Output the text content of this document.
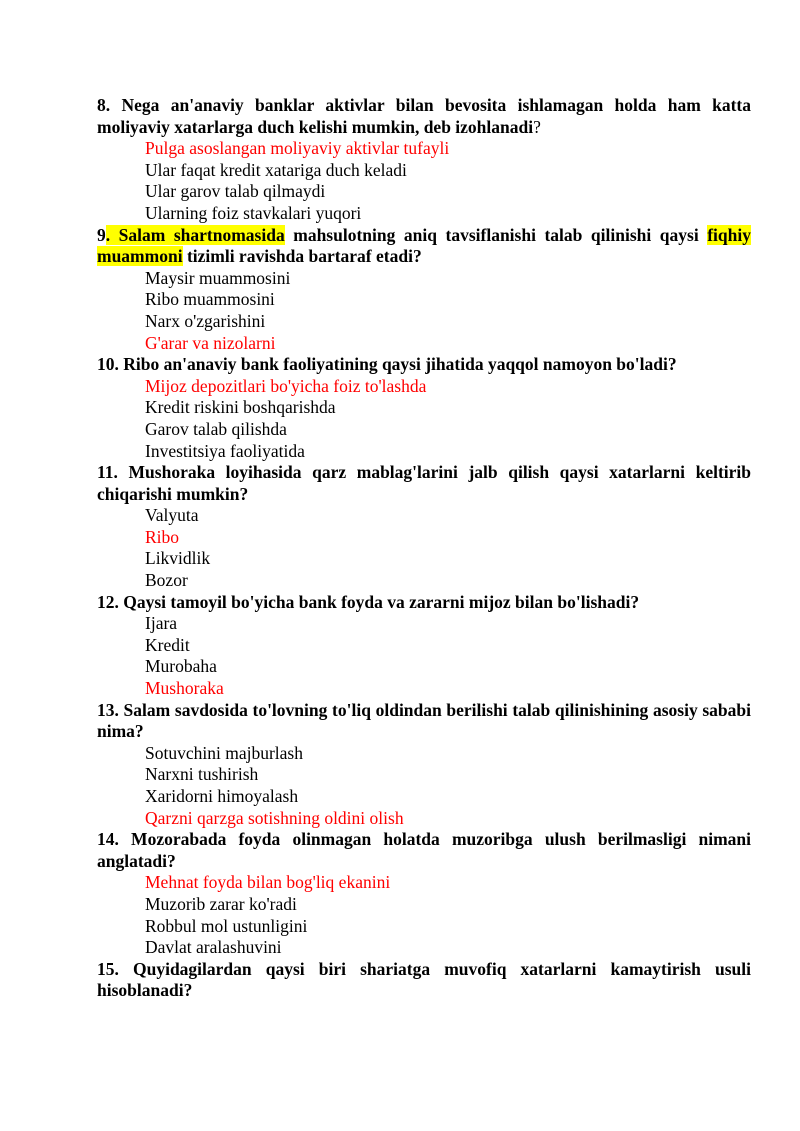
8. Nega an'anaviy banklar aktivlar bilan bevosita ishlamagan holda ham katta moliyaviy xatarlarga duch kelishi mumkin, deb izohlanadi?

Pulga asoslangan moliyaviy aktivlar tufayli

Ular faqat kredit xatariga duch keladi

Ular garov talab qilmaydi

Ularning foiz stavkalari yuqori

9. Salam shartnomasida mahsulotning aniq tavsiflanishi talab qilinishi qaysi fiqhiy muammoni tizimli ravishda bartaraf etadi?

Maysir muammosini

Ribo muammosini

Narx o'zgarishini

G'arar va nizolarni

10. Ribo an'anaviy bank faoliyatining qaysi jihatida yaqqol namoyon bo'ladi?

Mijoz depozitlari bo'yicha foiz to'lashda

Kredit riskini boshqarishda

Garov talab qilishda

Investitsiya faoliyatida

11. Mushoraka loyihasida qarz mablag'larini jalb qilish qaysi xatarlarni keltirib chiqarishi mumkin?

Valyuta

Ribo

Likvidlik

Bozor

12. Qaysi tamoyil bo'yicha bank foyda va zararni mijoz bilan bo'lishadi?

Ijara

Kredit

Murobaha

Mushoraka

13. Salam savdosida to'lovning to'liq oldindan berilishi talab qilinishining asosiy sababi nima?

Sotuvchini majburlash

Narxni tushirish

Xaridorni himoyalash

Qarzni qarzga sotishning oldini olish

14. Mozorabada foyda olinmagan holatda muzoribga ulush berilmasligi nimani anglatadi?

Mehnat foyda bilan bog'liq ekanini

Muzorib zarar ko'radi

Robbul mol ustunligini

Davlat aralashuvini

15. Quyidagilardan qaysi biri shariatga muvofiq xatarlarni kamaytirish usuli hisoblanadi?
